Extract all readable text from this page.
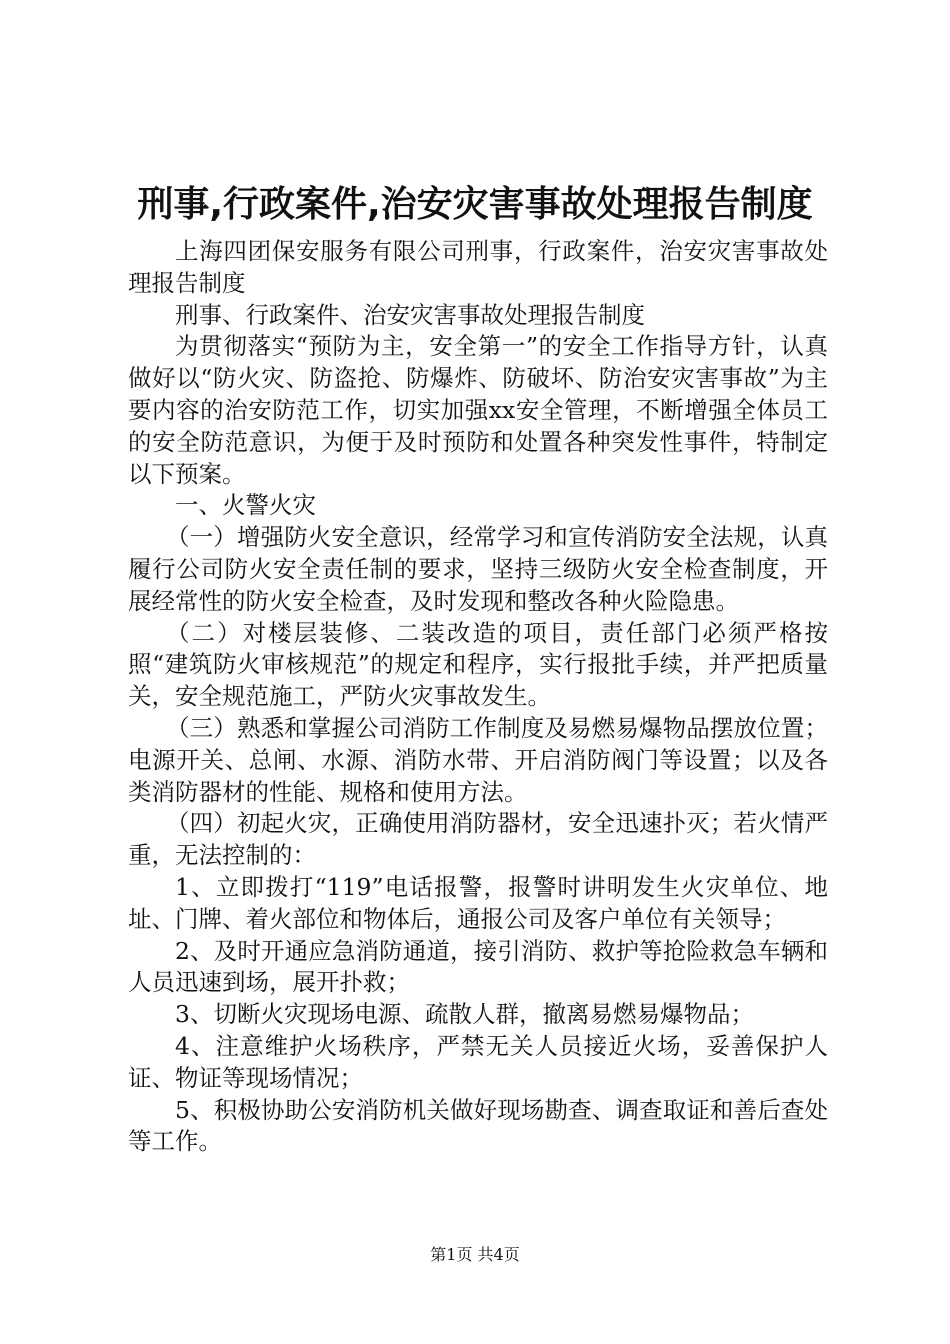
刑事,行政案件,治安灾害事故处理报告制度

上海四团保安服务有限公司刑事，行政案件，治安灾害事故处理报告制度

刑事、行政案件、治安灾害事故处理报告制度

为贯彻落实“预防为主，安全第一”的安全工作指导方针，认真做好以“防火灾、防盗抢、防爆炸、防破坏、防治安灾害事故”为主要内容的治安防范工作，切实加强xx安全管理，不断增强全体员工的安全防范意识，为便于及时预防和处置各种突发性事件，特制定以下预案。

一、火警火灾

（一）增强防火安全意识，经常学习和宣传消防安全法规，认真履行公司防火安全责任制的要求，坚持三级防火安全检查制度，开展经常性的防火安全检查，及时发现和整改各种火险隐患。

（二）对楼层装修、二装改造的项目，责任部门必须严格按照“建筑防火审核规范”的规定和程序，实行报批手续，并严把质量关，安全规范施工，严防火灾事故发生。

（三）熟悉和掌握公司消防工作制度及易燃易爆物品摆放位置；电源开关、总闸、水源、消防水带、开启消防阀门等设置；以及各类消防器材的性能、规格和使用方法。

（四）初起火灾，正确使用消防器材，安全迅速扑灭；若火情严重，无法控制的：

1、立即拨打“119”电话报警，报警时讲明发生火灾单位、地址、门牌、着火部位和物体后，通报公司及客户单位有关领导；

2、及时开通应急消防通道，接引消防、救护等抢险救急车辆和人员迅速到场，展开扑救；

3、切断火灾现场电源、疏散人群，撤离易燃易爆物品；

4、注意维护火场秩序，严禁无关人员接近火场，妥善保护人证、物证等现场情况；

5、积极协助公安消防机关做好现场勘查、调查取证和善后查处等工作。

第1页 共4页
